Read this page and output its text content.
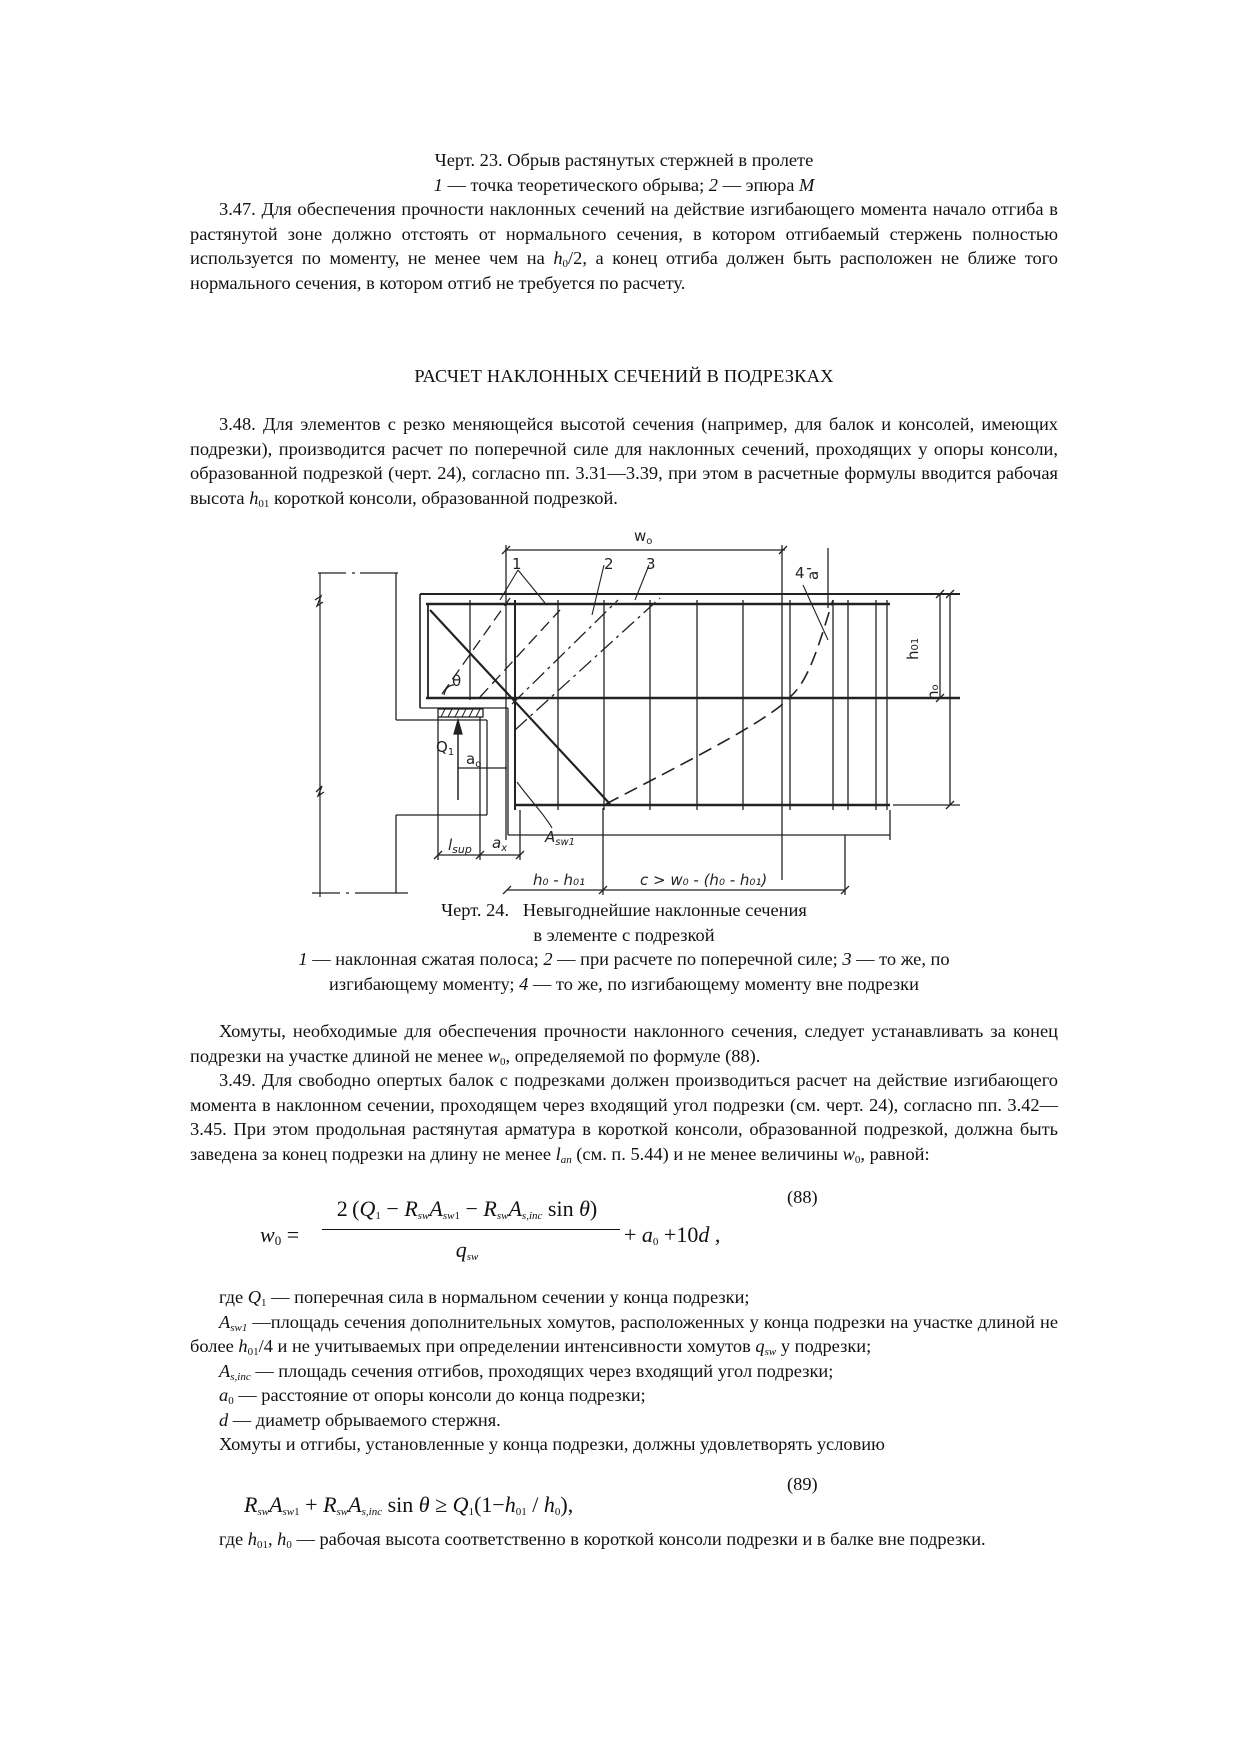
Черт. 23. Обрыв растянутых стержней в пролете
1 — точка теоретического обрыва; 2 — эпюра M

3.47. Для обеспечения прочности наклонных сечений на действие изгибающего момента начало отгиба в растянутой зоне должно отстоять от нормального сечения, в котором отгибаемый стержень полностью используется по моменту, не менее чем на $h_0/2$, а конец отгиба должен быть расположен не ближе того нормального сечения, в котором отгиб не требуется по расчету.

РАСЧЕТ НАКЛОННЫХ СЕЧЕНИЙ В ПОДРЕЗКАХ

3.48. Для элементов с резко меняющейся высотой сечения (например, для балок и консолей, имеющих подрезки), производится расчет по поперечной силе для наклонных сечений, проходящих у опоры консоли, образованной подрезкой (черт. 24), согласно пп. 3.31—3.39, при этом в расчетные формулы вводится рабочая высота $h_{01}$ короткой консоли, образованной подрезкой.

$w_o$
1	2 3	4 a'
h01
ho
θ
$Q_1$ $a_o$
$A_{sw1}$
$l_{sup}$ $a_x$
h₀ - h₀₁	c > w₀ - (h₀ - h₀₁)
Черт. 24.   Невыгоднейшие наклонные сечения
в элементе с подрезкой
1 — наклонная сжатая полоса; 2 — при расчете по поперечной силе; 3 — то же, по
изгибающему моменту; 4 — то же, по изгибающему моменту вне подрезки

Хомуты, необходимые для обеспечения прочности наклонного сечения, следует устанавливать за конец подрезки на участке длиной не менее $w_0$, определяемой по формуле (88).

3.49. Для свободно опертых балок с подрезками должен производиться расчет на действие изгибающего момента в наклонном сечении, проходящем через входящий угол подрезки (см. черт. 24), согласно пп. 3.42—3.45. При этом продольная растянутая арматура в короткой консоли, образованной подрезкой, должна быть заведена за конец подрезки на длину не менее $l_{an}$ (см. п. 5.44) и не менее величины $w_0$, равной:

(88)
$w_0$ =
2 ($Q_1 - R_{sw}A_{sw1} - R_{sw}A_{s,inc}$ sin θ)
$q_{sw}$
+ $a_0 +10d$ ,
где $Q_1$ — поперечная сила в нормальном сечении у конца подрезки;
$A_{sw1}$ —площадь сечения дополнительных хомутов, расположенных у конца подрезки на участке длиной не более $h_{01}/4$ и не учитываемых при определении интенсивности хомутов $q_{sw}$ у подрезки;
$A_{s,inc}$ — площадь сечения отгибов, проходящих через входящий угол подрезки;
$a_0$ — расстояние от опоры консоли до конца подрезки;
d — диаметр обрываемого стержня.
Хомуты и отгибы, установленные у конца подрезки, должны удовлетворять условию
(89)
$R_{sw}A_{sw1} + R_{sw}A_{s,inc}$ $\sin \theta \ge Q_1(1-h_{01} / h_0)$,

где $h_{01}$, $h_0$ — рабочая высота соответственно в короткой консоли подрезки и в балке вне подрезки.
